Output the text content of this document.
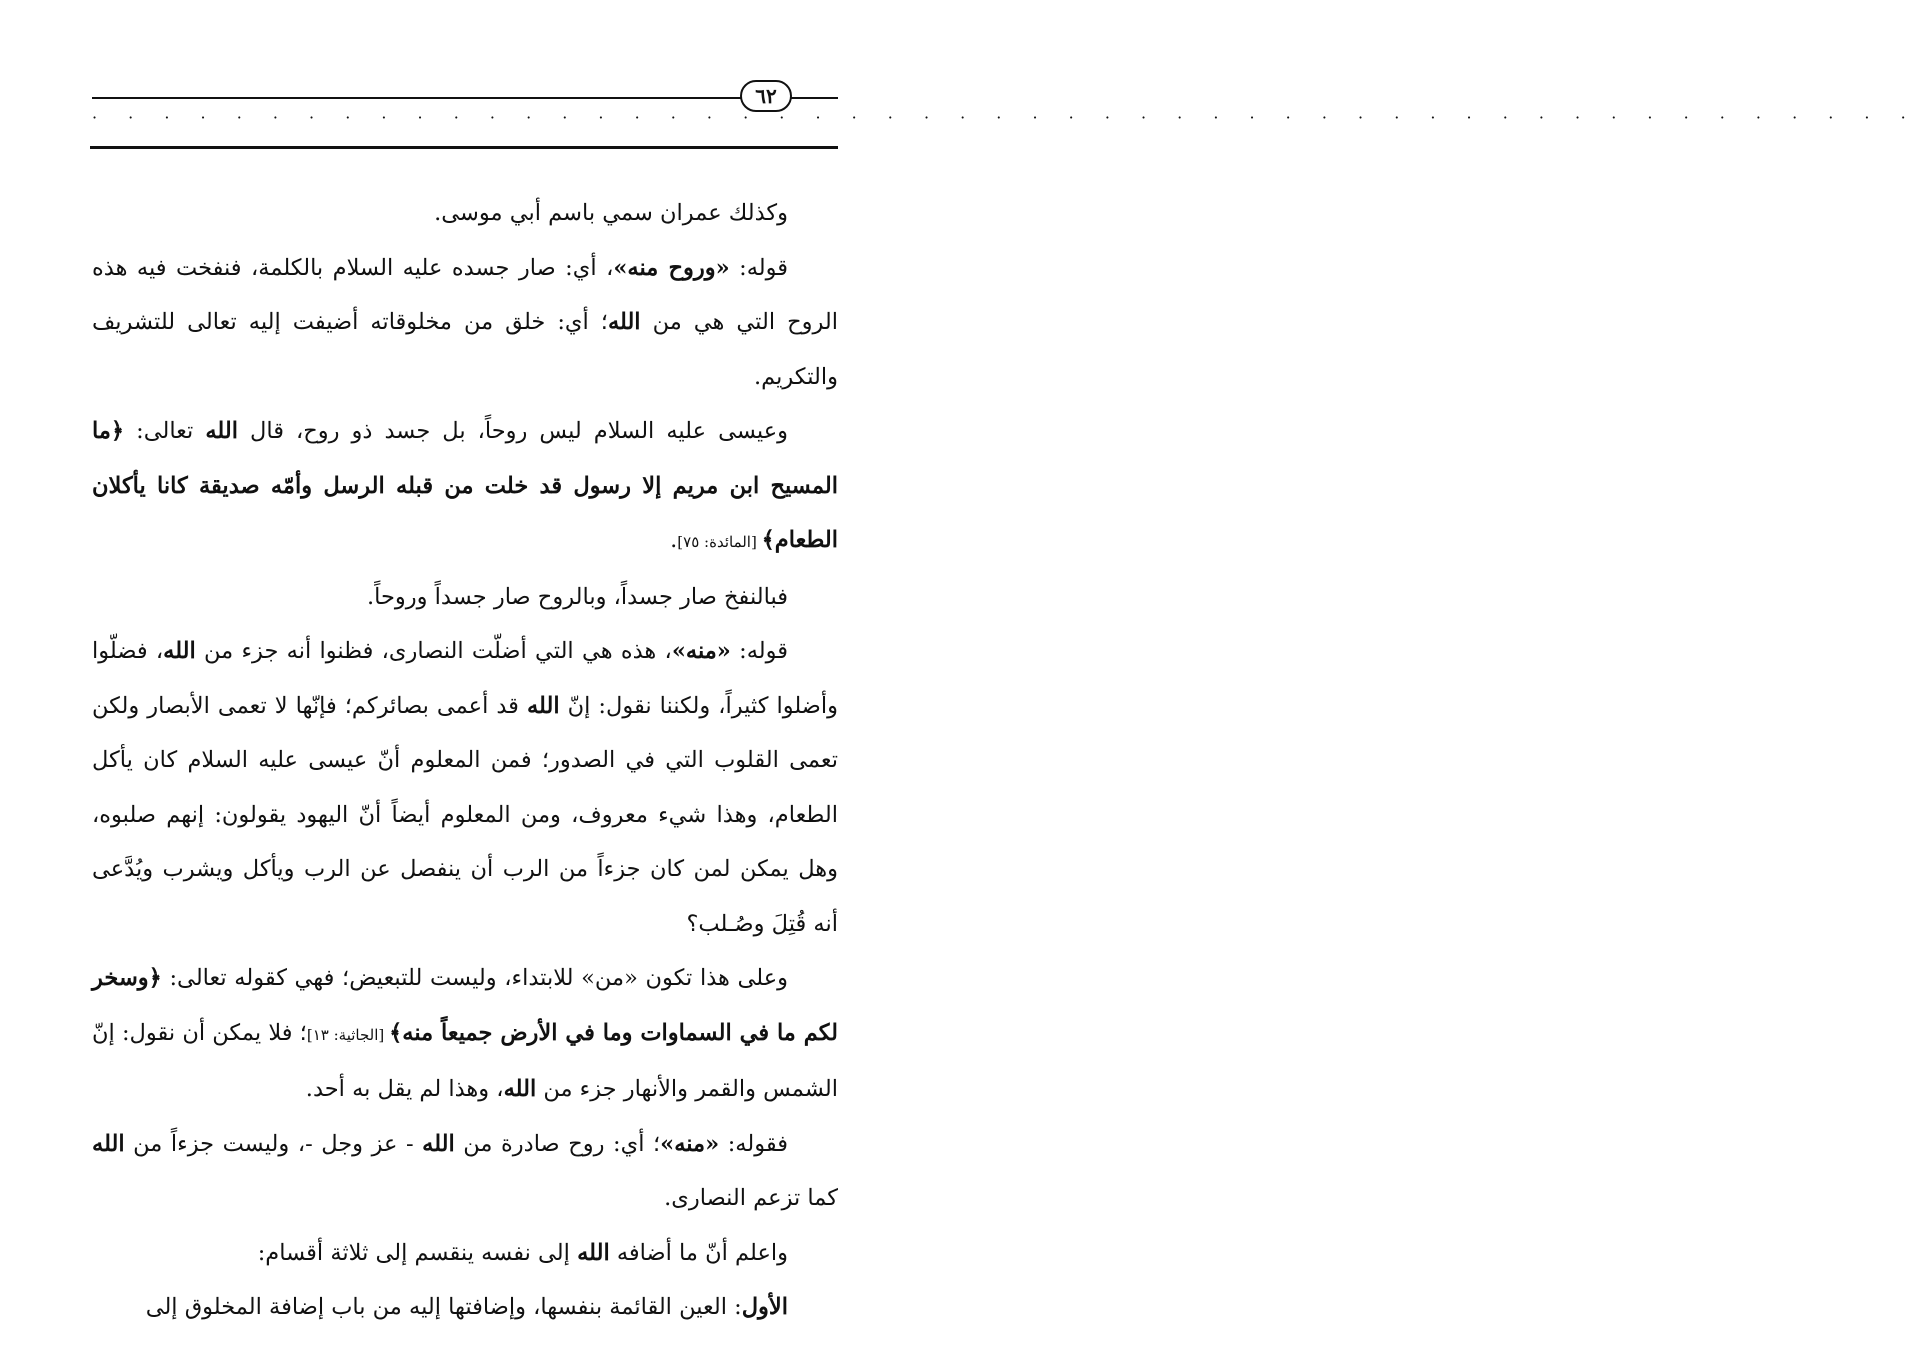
٦٢
· · · · · · · · · · · · · · · · · · · · · · · · · · · · · · · · · · · · · · · · · · · · · · · · · · ·

وكذلك عمران سمي باسم أبي موسى.

قوله: «وروح منه»، أي: صار جسده عليه السلام بالكلمة، فنفخت فيه هذه الروح التي هي من الله؛ أي: خلق من مخلوقاته أضيفت إليه تعالى للتشريف والتكريم.

وعيسى عليه السلام ليس روحاً، بل جسد ذو روح، قال الله تعالى: ﴿ما المسيح ابن مريم إلا رسول قد خلت من قبله الرسل وأمّه صديقة كانا يأكلان الطعام﴾ [المائدة: ٧٥].

فبالنفخ صار جسداً، وبالروح صار جسداً وروحاً.

قوله: «منه»، هذه هي التي أضلّت النصارى، فظنوا أنه جزء من الله، فضلّوا وأضلوا كثيراً، ولكننا نقول: إنّ الله قد أعمى بصائركم؛ فإنّها لا تعمى الأبصار ولكن تعمى القلوب التي في الصدور؛ فمن المعلوم أنّ عيسى عليه السلام كان يأكل الطعام، وهذا شيء معروف، ومن المعلوم أيضاً أنّ اليهود يقولون: إنهم صلبوه، وهل يمكن لمن كان جزءاً من الرب أن ينفصل عن الرب ويأكل ويشرب ويُدَّعى أنه قُتِلَ وصُـلب؟

وعلى هذا تكون «من» للابتداء، وليست للتبعيض؛ فهي كقوله تعالى: ﴿وسخر لكم ما في السماوات وما في الأرض جميعاً منه﴾ [الجاثية: ١٣]؛ فلا يمكن أن نقول: إنّ الشمس والقمر والأنهار جزء من الله، وهذا لم يقل به أحد.

فقوله: «منه»؛ أي: روح صادرة من الله - عز وجل -، وليست جزءاً من الله كما تزعم النصارى.

واعلم أنّ ما أضافه الله إلى نفسه ينقسم إلى ثلاثة أقسام:

الأول: العين القائمة بنفسها، وإضافتها إليه من باب إضافة المخلوق إلى
